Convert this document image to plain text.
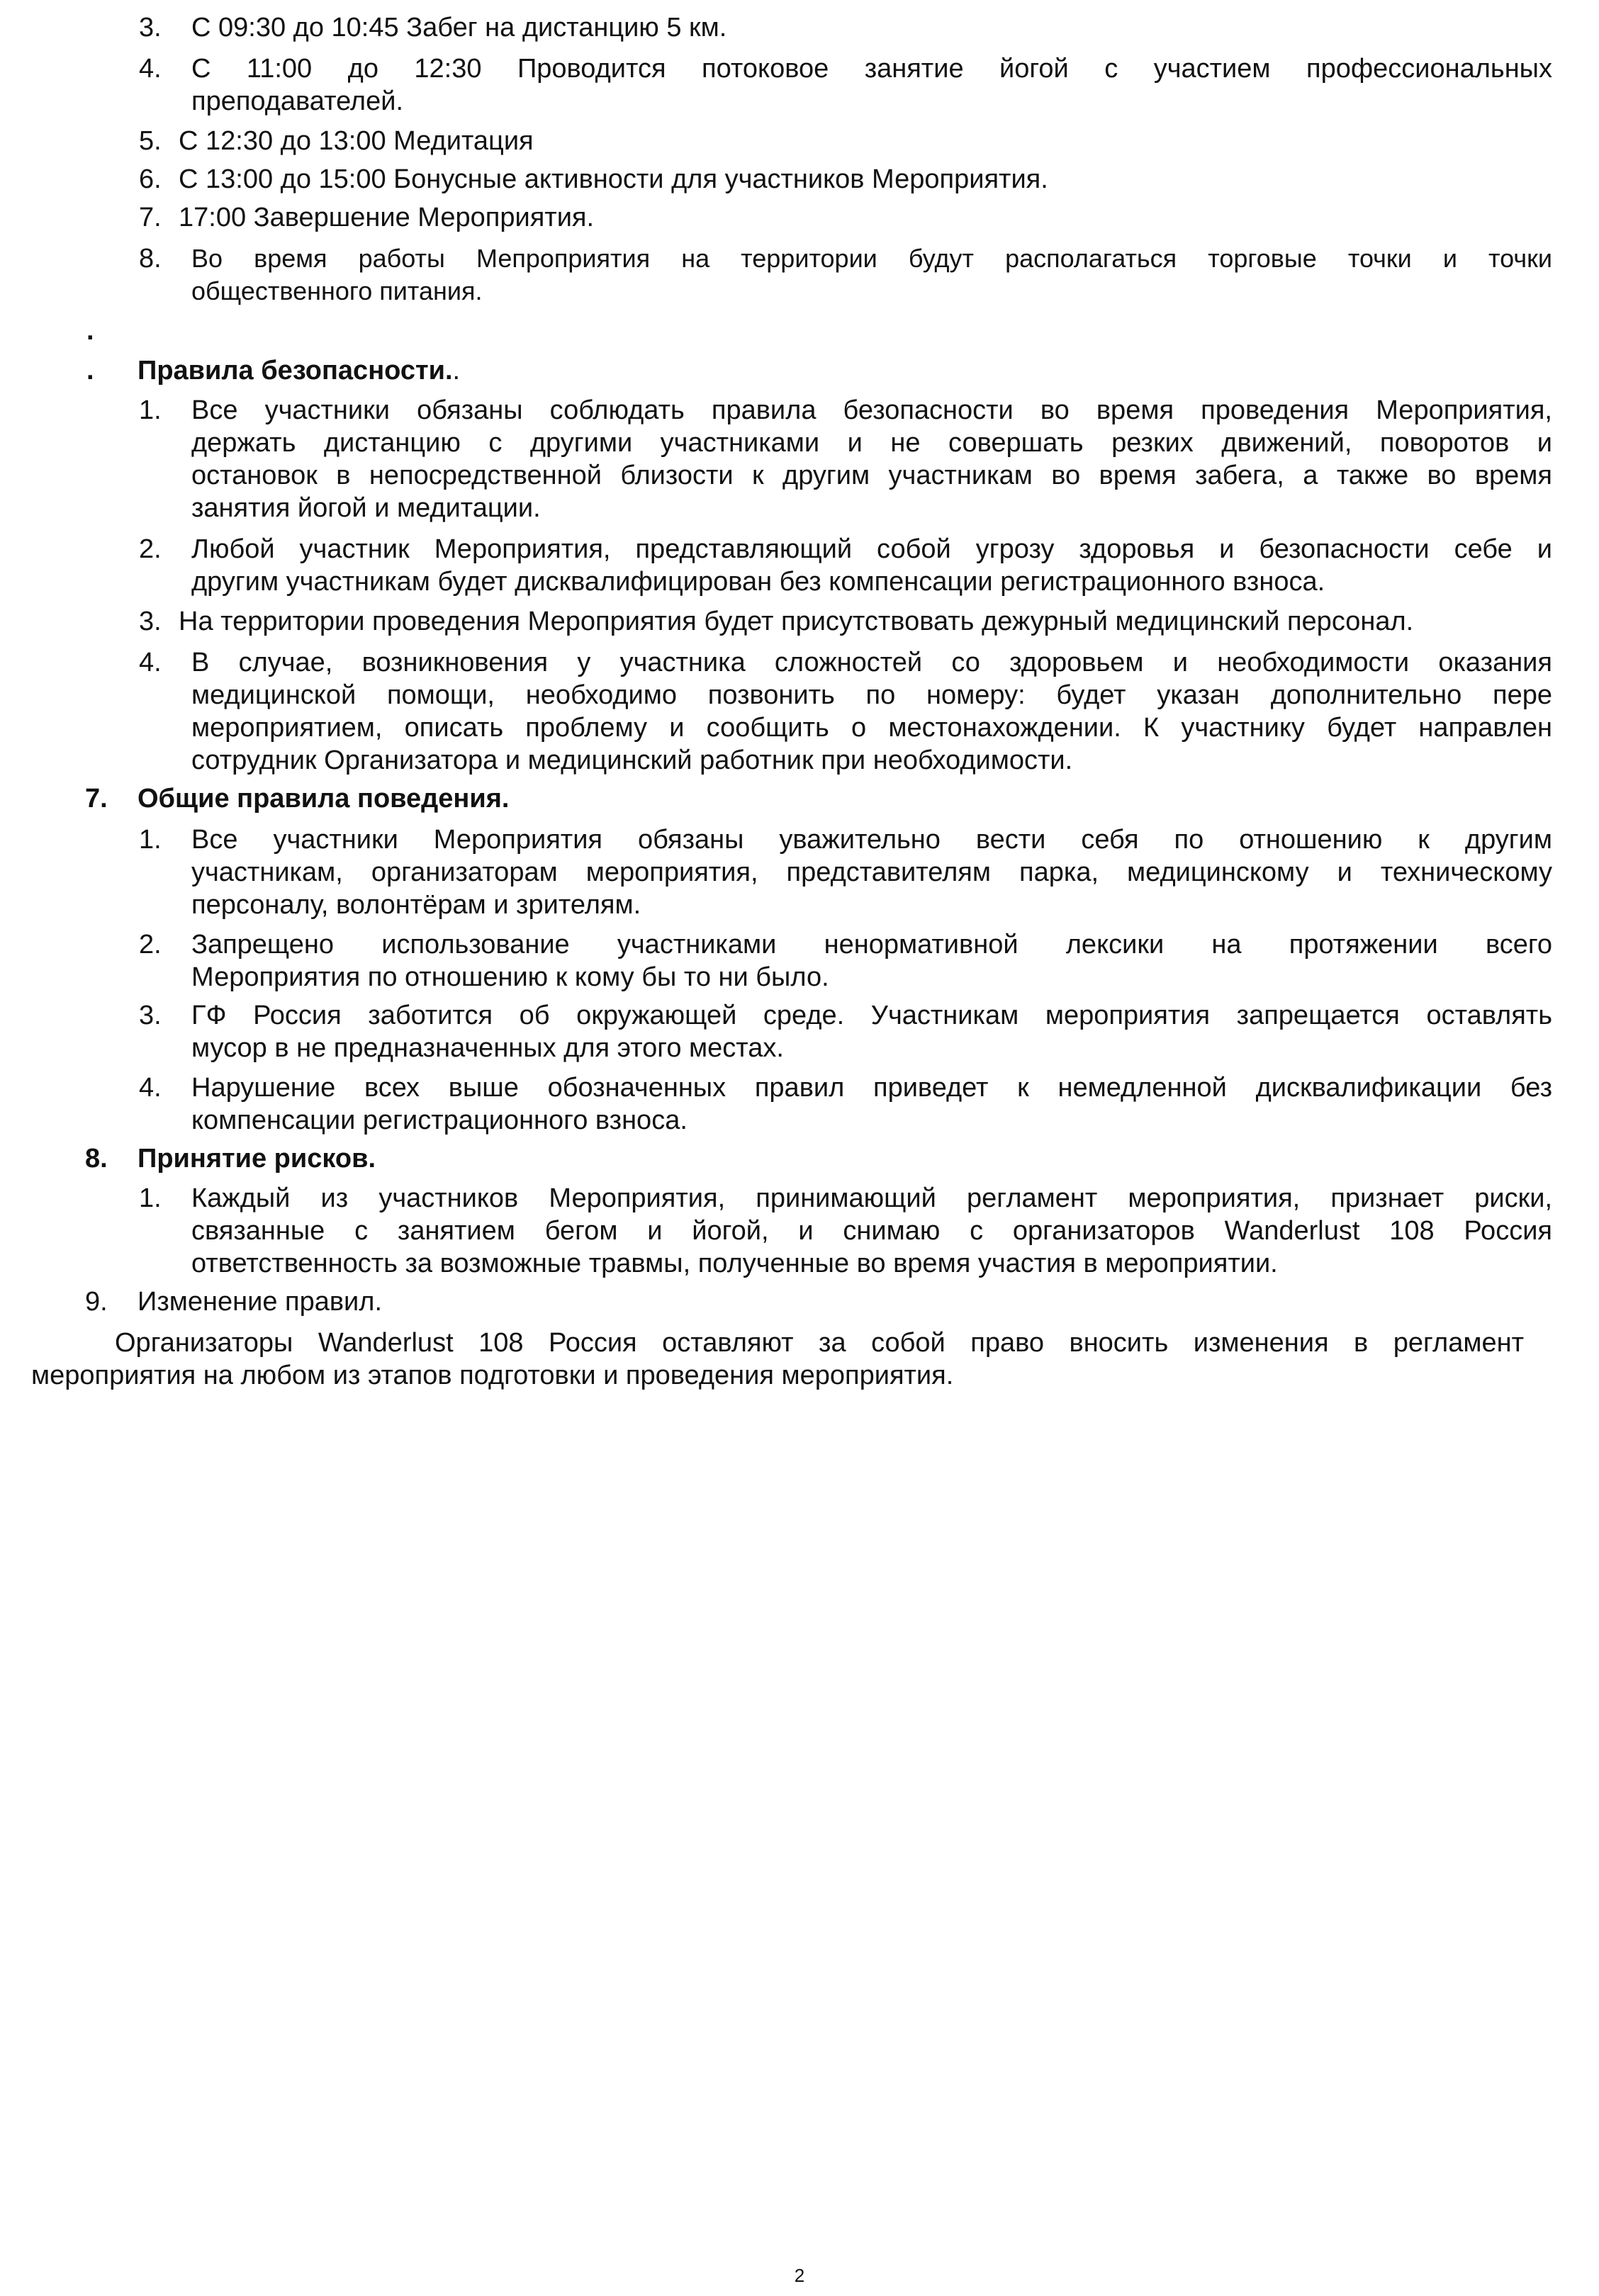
3. С 09:30 до 10:45 Забег на дистанцию 5 км.

4. С 11:00 до 12:30 Проводится потоковое занятие йогой с участием профессиональных

преподавателей.

5. С 12:30 до 13:00 Медитация

6. С 13:00 до 15:00 Бонусные активности для участников Мероприятия.

7. 17:00 Завершение Мероприятия.

8. Во время работы Мепроприятия на территории будут располагаться торговые точки и точки

общественного питания.

.

. Правила безопасности..

1. Все участники обязаны соблюдать правила безопасности во время проведения Мероприятия,

держать дистанцию с другими участниками и не совершать резких движений, поворотов и

остановок в непосредственной близости к другим участникам во время забега, а также во время

занятия йогой и медитации.

2. Любой участник Мероприятия, представляющий собой угрозу здоровья и безопасности себе и

другим участникам будет дисквалифицирован без компенсации регистрационного взноса.

3. На территории проведения Мероприятия будет присутствовать дежурный медицинский персонал.

4. В случае, возникновения у участника сложностей со здоровьем и необходимости оказания

медицинской помощи, необходимо позвонить по номеру: будет указан дополнительно пере

мероприятием, описать проблему и сообщить о местонахождении. К участнику будет направлен

сотрудник Организатора и медицинский работник при необходимости.

7. Общие правила поведения.

1. Все участники Мероприятия обязаны уважительно вести себя по отношению к другим

участникам, организаторам мероприятия, представителям парка, медицинскому и техническому

персоналу, волонтёрам и зрителям.

2. Запрещено использование участниками ненормативной лексики на протяжении всего

Мероприятия по отношению к кому бы то ни было.

3. ГФ Россия заботится об окружающей среде. Участникам мероприятия запрещается оставлять

мусор в не предназначенных для этого местах.

4. Нарушение всех выше обозначенных правил приведет к немедленной дисквалификации без

компенсации регистрационного взноса.

8. Принятие рисков.

1. Каждый из участников Мероприятия, принимающий регламент мероприятия, признает риски,

связанные с занятием бегом и йогой, и снимаю с организаторов Wanderlust 108 Россия

ответственность за возможные травмы, полученные во время участия в мероприятии.

9. Изменение правил.

Организаторы Wanderlust 108 Россия оставляют за собой право вносить изменения в регламент

мероприятия на любом из этапов подготовки и проведения мероприятия.

2
